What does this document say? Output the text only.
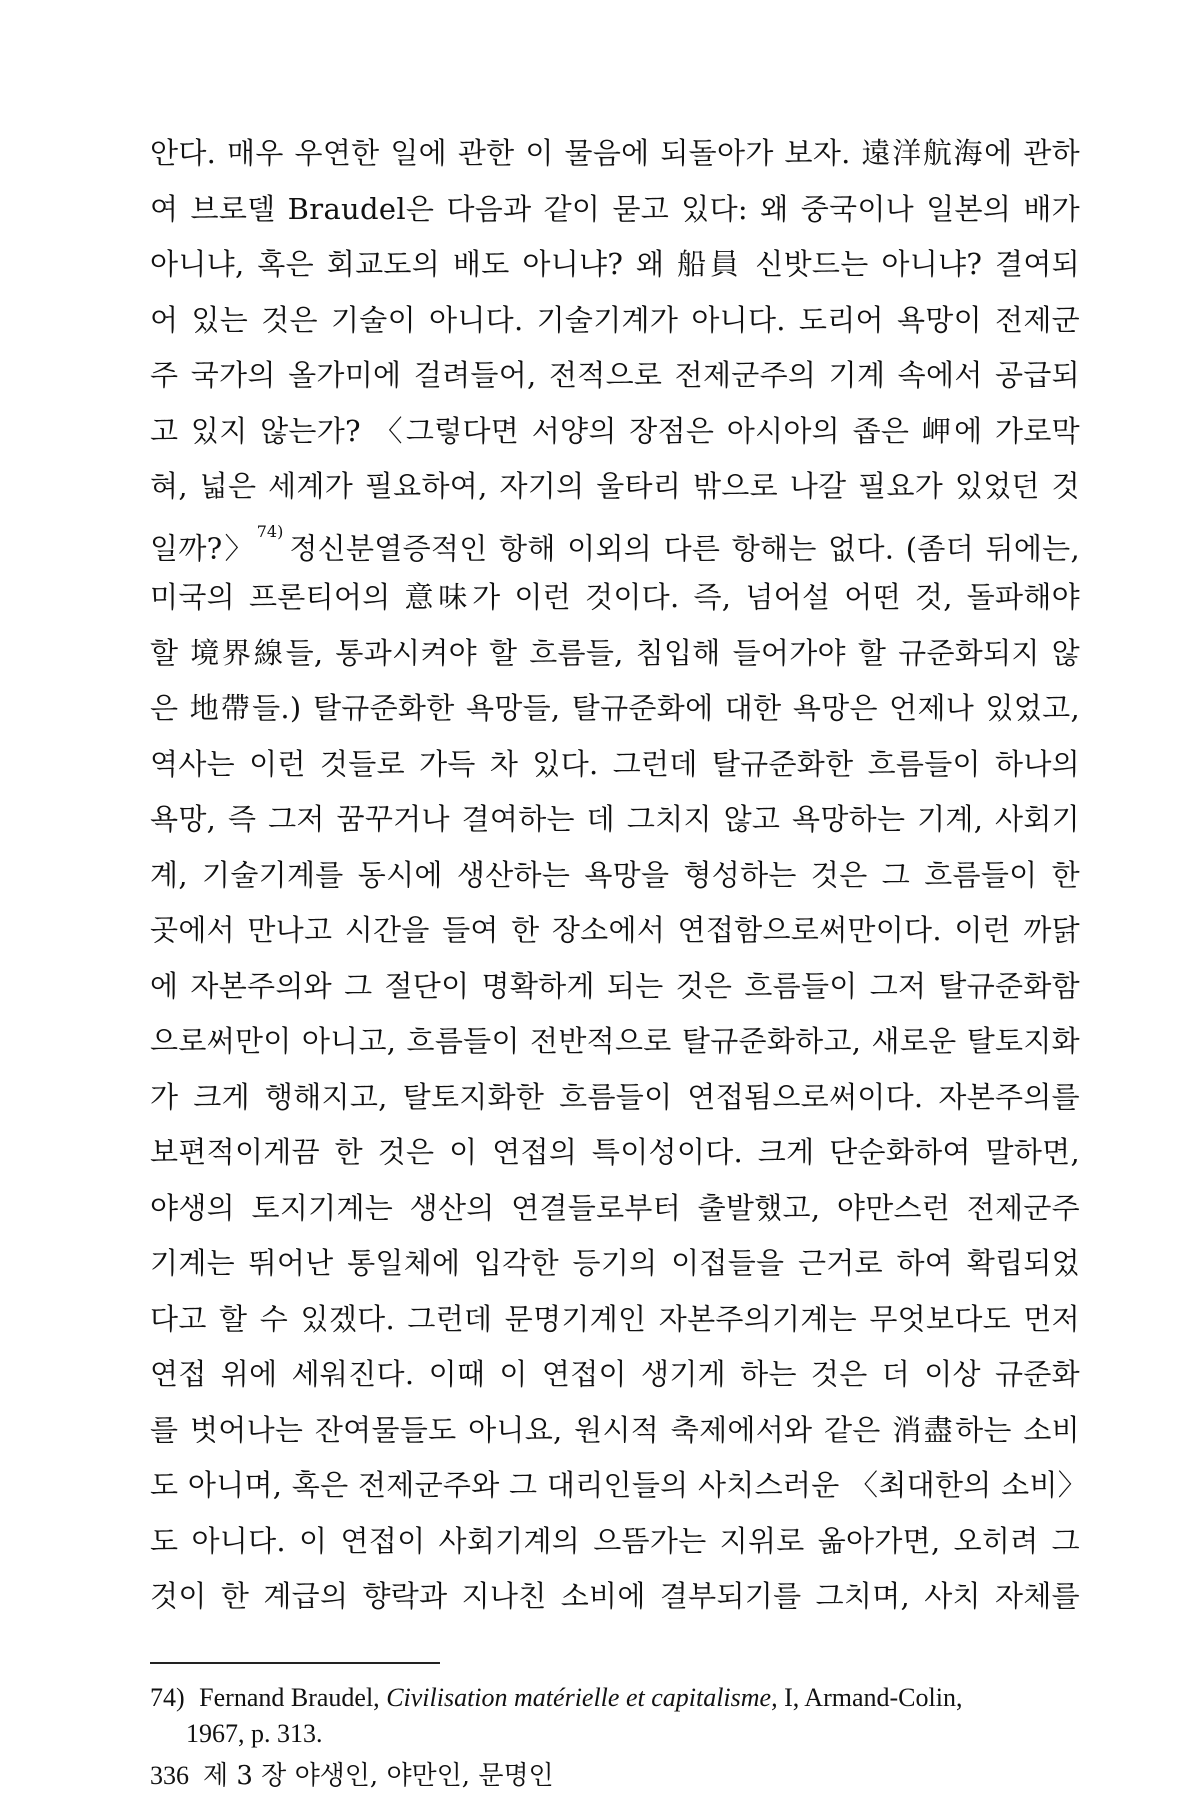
안다. 매우 우연한 일에 관한 이 물음에 되돌아가 보자. 遠洋航海에 관하
여 브로델 Braudel은 다음과 같이 묻고 있다: 왜 중국이나 일본의 배가
아니냐, 혹은 회교도의 배도 아니냐? 왜 船員 신밧드는 아니냐? 결여되
어 있는 것은 기술이 아니다. 기술기계가 아니다. 도리어 욕망이 전제군
주 국가의 올가미에 걸려들어, 전적으로 전제군주의 기계 속에서 공급되
고 있지 않는가? 〈그렇다면 서양의 장점은 아시아의 좁은 岬에 가로막
혀, 넓은 세계가 필요하여, 자기의 울타리 밖으로 나갈 필요가 있었던 것
일까?〉$^{74)}$정신분열증적인 항해 이외의 다른 항해는 없다. (좀더 뒤에는,
미국의 프론티어의 意味가 이런 것이다. 즉, 넘어설 어떤 것, 돌파해야
할 境界線들, 통과시켜야 할 흐름들, 침입해 들어가야 할 규준화되지 않
은 地帶들.) 탈규준화한 욕망들, 탈규준화에 대한 욕망은 언제나 있었고,
역사는 이런 것들로 가득 차 있다. 그런데 탈규준화한 흐름들이 하나의
욕망, 즉 그저 꿈꾸거나 결여하는 데 그치지 않고 욕망하는 기계, 사회기
계, 기술기계를 동시에 생산하는 욕망을 형성하는 것은 그 흐름들이 한
곳에서 만나고 시간을 들여 한 장소에서 연접함으로써만이다. 이런 까닭
에 자본주의와 그 절단이 명확하게 되는 것은 흐름들이 그저 탈규준화함
으로써만이 아니고, 흐름들이 전반적으로 탈규준화하고, 새로운 탈토지화
가 크게 행해지고, 탈토지화한 흐름들이 연접됨으로써이다. 자본주의를
보편적이게끔 한 것은 이 연접의 특이성이다. 크게 단순화하여 말하면,
야생의 토지기계는 생산의 연결들로부터 출발했고, 야만스런 전제군주
기계는 뛰어난 통일체에 입각한 등기의 이접들을 근거로 하여 확립되었
다고 할 수 있겠다. 그런데 문명기계인 자본주의기계는 무엇보다도 먼저
연접 위에 세워진다. 이때 이 연접이 생기게 하는 것은 더 이상 규준화
를 벗어나는 잔여물들도 아니요, 원시적 축제에서와 같은 消盡하는 소비
도 아니며, 혹은 전제군주와 그 대리인들의 사치스러운 〈최대한의 소비〉
도 아니다. 이 연접이 사회기계의 으뜸가는 지위로 옮아가면, 오히려 그
것이 한 계급의 향락과 지나친 소비에 결부되기를 그치며, 사치 자체를
74) Fernand Braudel, Civilisation matérielle et capitalisme, I, Armand-Colin,
1967, p. 313.
336 제 3 장 야생인, 야만인, 문명인
